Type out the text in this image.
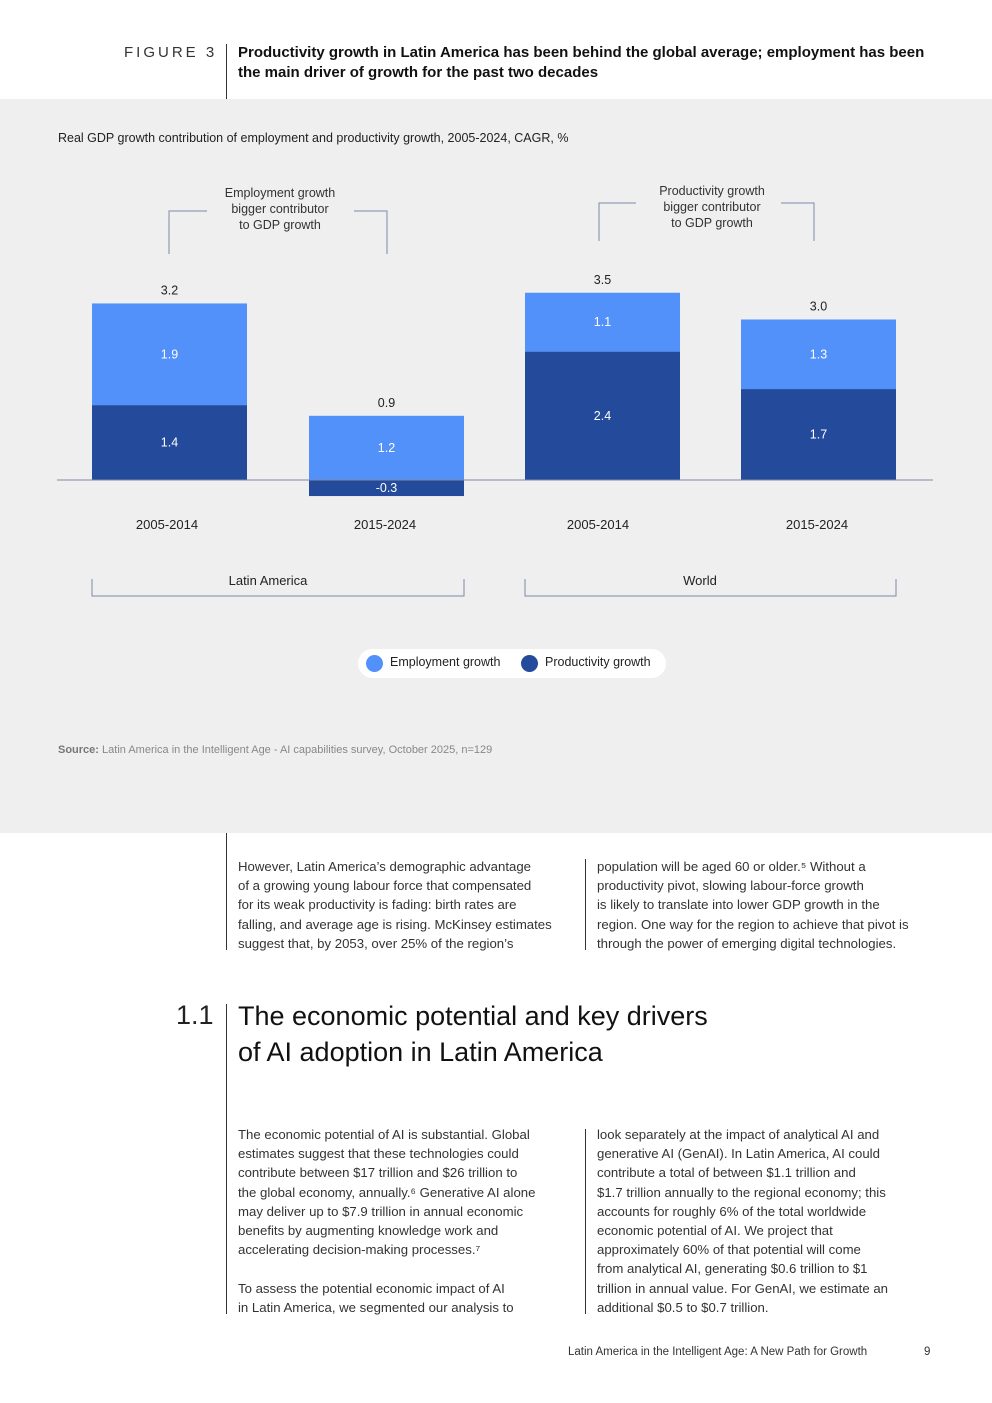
FIGURE 3 Productivity growth in Latin America has been behind the global average; employment has been the main driver of growth for the past two decades
Real GDP growth contribution of employment and productivity growth, 2005-2024, CAGR, %
1.9
1.4
3.2
2005-2014
1.2
-0.3
0.9
2015-2024
1.1
2.4
3.5
2005-2014
1.3
1.7
3.0
2015-2024
Latin America	World
Employment growth
bigger contributor
to GDP growth
Productivity growth
bigger contributor
to GDP growth
Employment growth	Productivity growth
Source: Latin America in the Intelligent Age - AI capabilities survey, October 2025, n=129
However, Latin America’s demographic advantage
of a growing young labour force that compensated
for its weak productivity is fading: birth rates are
falling, and average age is rising. McKinsey estimates
suggest that, by 2053, over 25% of the region’s
population will be aged 60 or older.⁵ Without a
productivity pivot, slowing labour-force growth
is likely to translate into lower GDP growth in the
region. One way for the region to achieve that pivot is
through the power of emerging digital technologies.
1.1 The economic potential and key drivers
of AI adoption in Latin America
The economic potential of AI is substantial. Global
estimates suggest that these technologies could
contribute between $17 trillion and $26 trillion to
the global economy, annually.⁶ Generative AI alone
may deliver up to $7.9 trillion in annual economic
benefits by augmenting knowledge work and
accelerating decision-making processes.⁷
To assess the potential economic impact of AI
in Latin America, we segmented our analysis to
look separately at the impact of analytical AI and
generative AI (GenAI). In Latin America, AI could
contribute a total of between $1.1 trillion and
$1.7 trillion annually to the regional economy; this
accounts for roughly 6% of the total worldwide
economic potential of AI. We project that
approximately 60% of that potential will come
from analytical AI, generating $0.6 trillion to $1
trillion in annual value. For GenAI, we estimate an
additional $0.5 to $0.7 trillion.
Latin America in the Intelligent Age: A New Path for Growth	9
